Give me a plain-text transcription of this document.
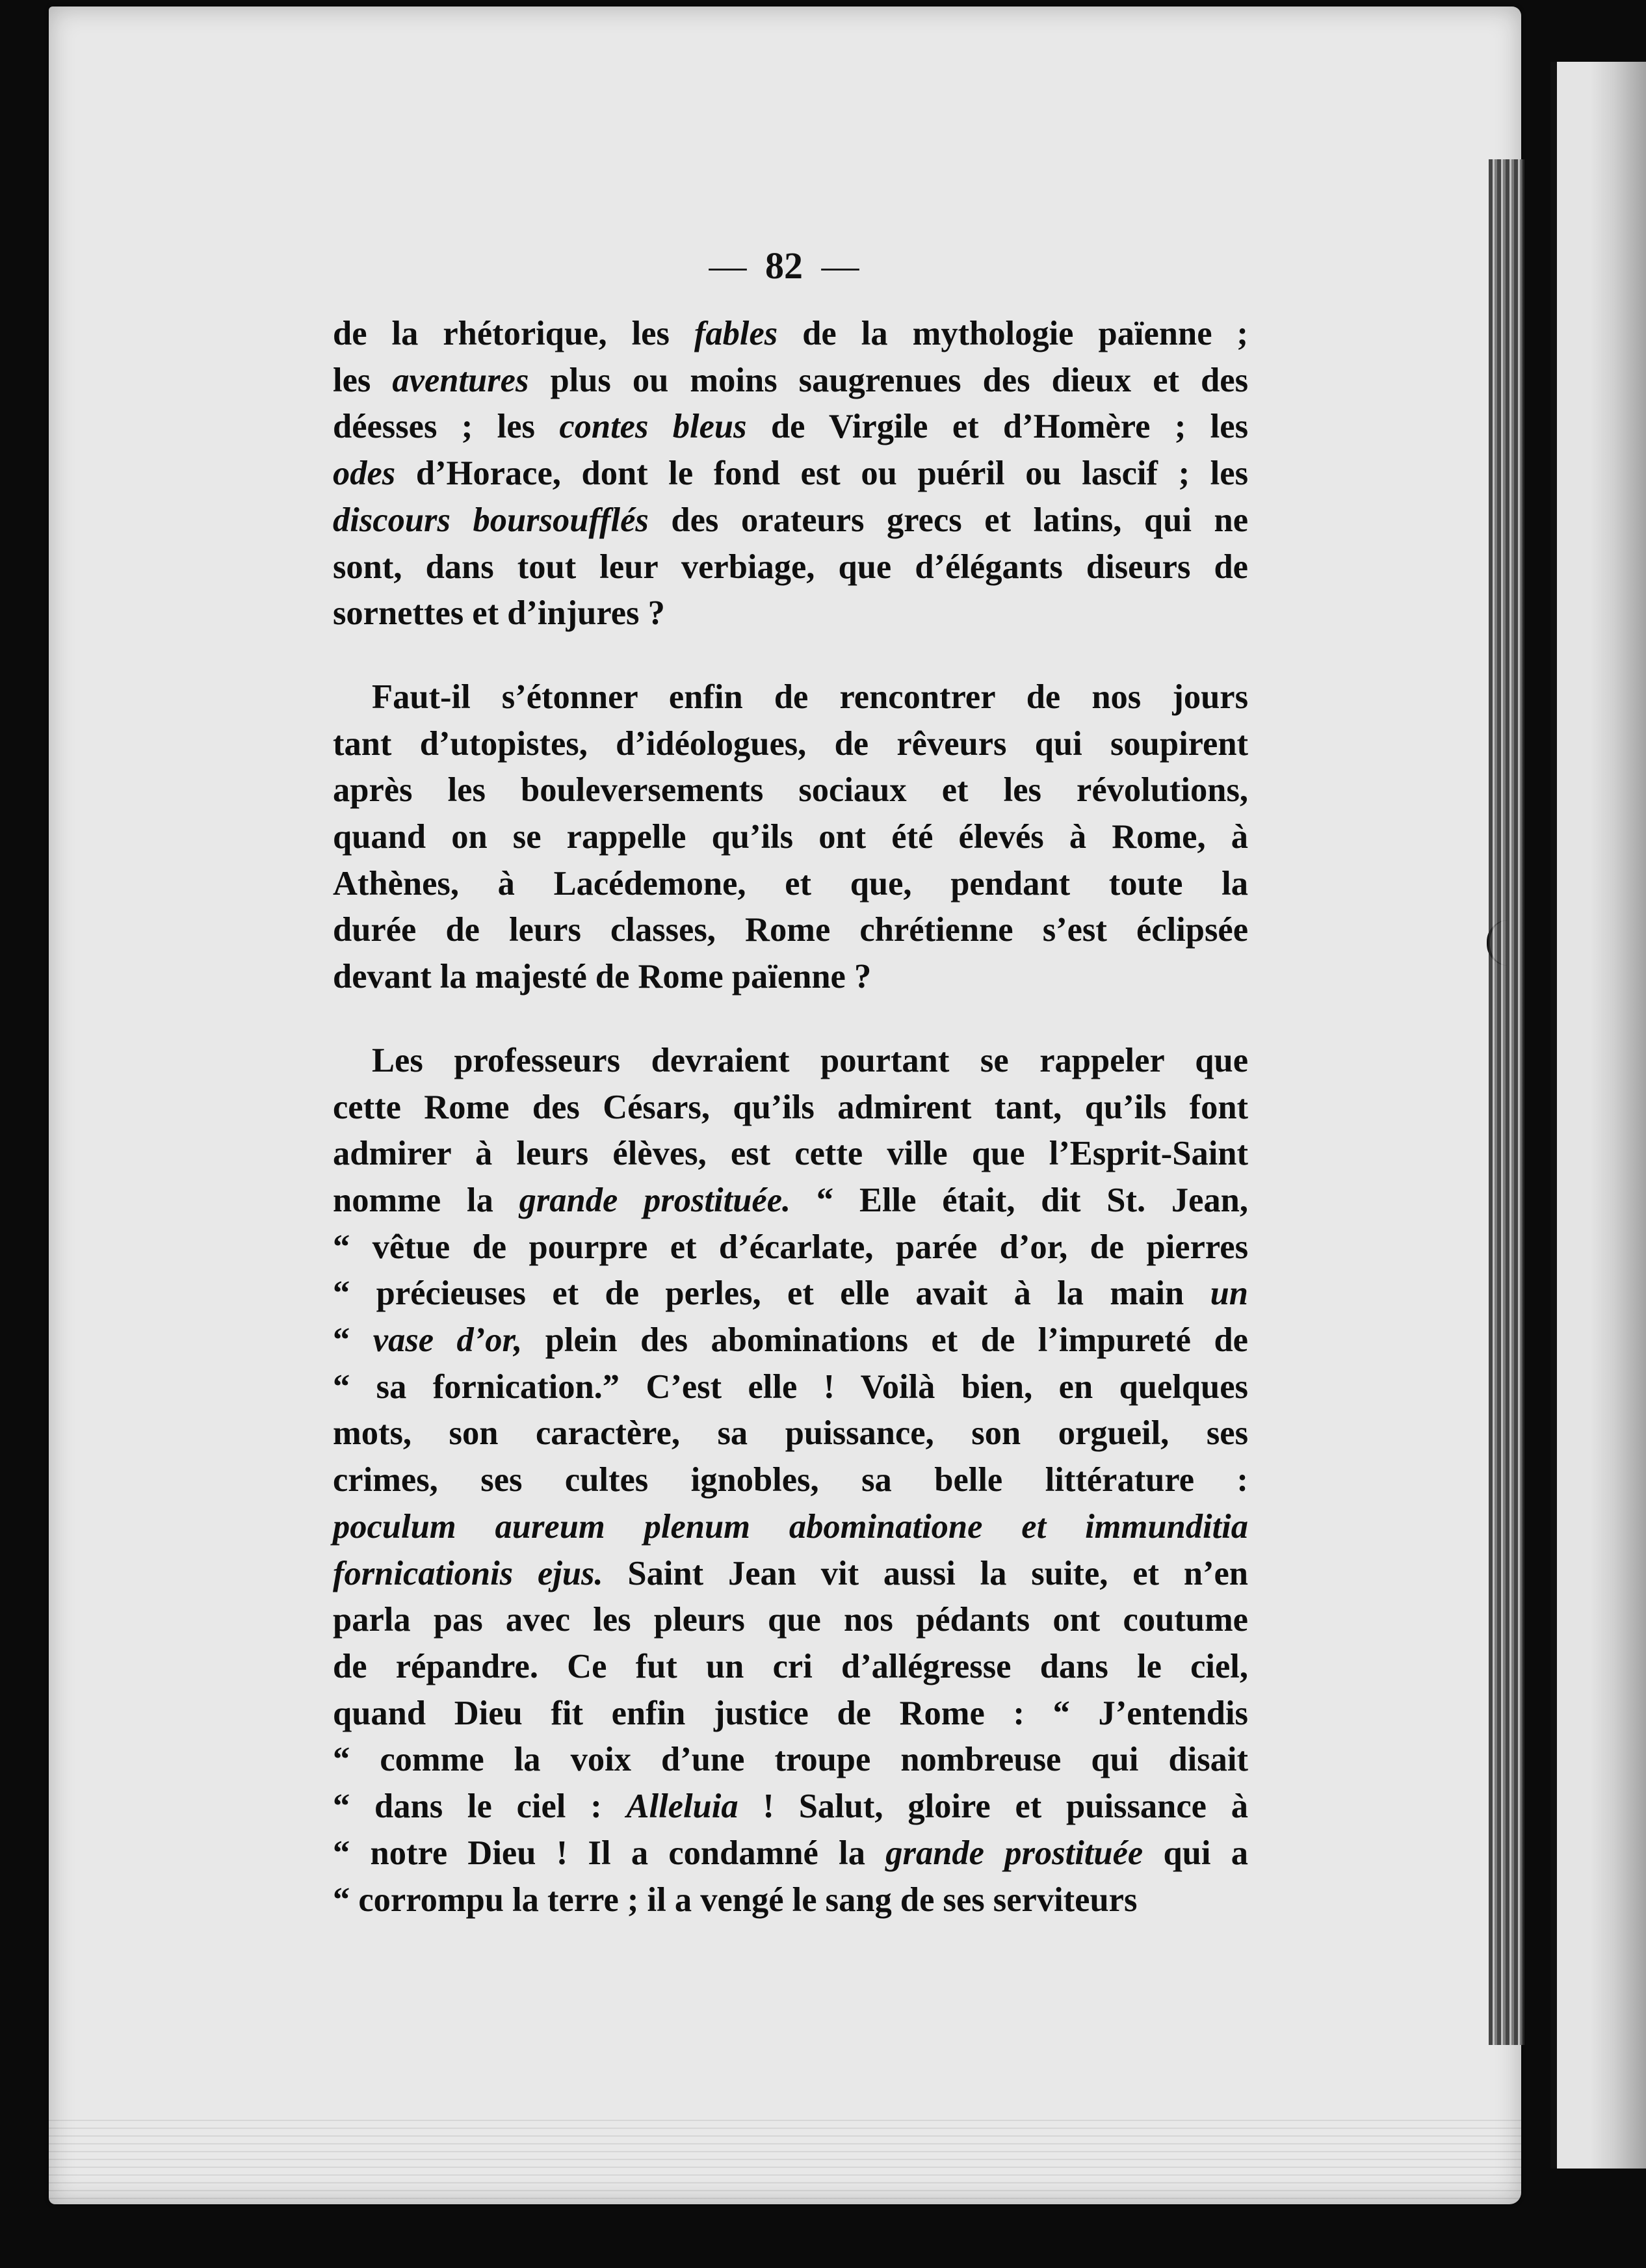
— 82 —
de la rhétorique, les fables de la mythologie païenne ;
les aventures plus ou moins saugrenues des dieux et des
déesses ; les contes bleus de Virgile et d’Homère ; les
odes d’Horace, dont le fond est ou puéril ou lascif ; les
discours boursoufflés des orateurs grecs et latins, qui ne
sont, dans tout leur verbiage, que d’élégants diseurs de
sornettes et d’injures ?
Faut-il s’étonner enfin de rencontrer de nos jours
tant d’utopistes, d’idéologues, de rêveurs qui soupirent
après les bouleversements sociaux et les révolutions,
quand on se rappelle qu’ils ont été élevés à Rome, à
Athènes, à Lacédemone, et que, pendant toute la
durée de leurs classes, Rome chrétienne s’est éclipsée
devant la majesté de Rome païenne ?
Les professeurs devraient pourtant se rappeler que
cette Rome des Césars, qu’ils admirent tant, qu’ils font
admirer à leurs élèves, est cette ville que l’Esprit-Saint
nomme la grande prostituée. “ Elle était, dit St. Jean,
“ vêtue de pourpre et d’écarlate, parée d’or, de pierres
“ précieuses et de perles, et elle avait à la main un
“ vase d’or, plein des abominations et de l’impureté de
“ sa fornication.” C’est elle ! Voilà bien, en quelques
mots, son caractère, sa puissance, son orgueil, ses
crimes, ses cultes ignobles, sa belle littérature :
poculum aureum plenum abominatione et immunditia
fornicationis ejus. Saint Jean vit aussi la suite, et n’en
parla pas avec les pleurs que nos pédants ont coutume
de répandre. Ce fut un cri d’allégresse dans le ciel,
quand Dieu fit enfin justice de Rome : “ J’entendis
“ comme la voix d’une troupe nombreuse qui disait
“ dans le ciel : Alleluia ! Salut, gloire et puissance à
“ notre Dieu ! Il a condamné la grande prostituée qui a
“ corrompu la terre ; il a vengé le sang de ses serviteurs
